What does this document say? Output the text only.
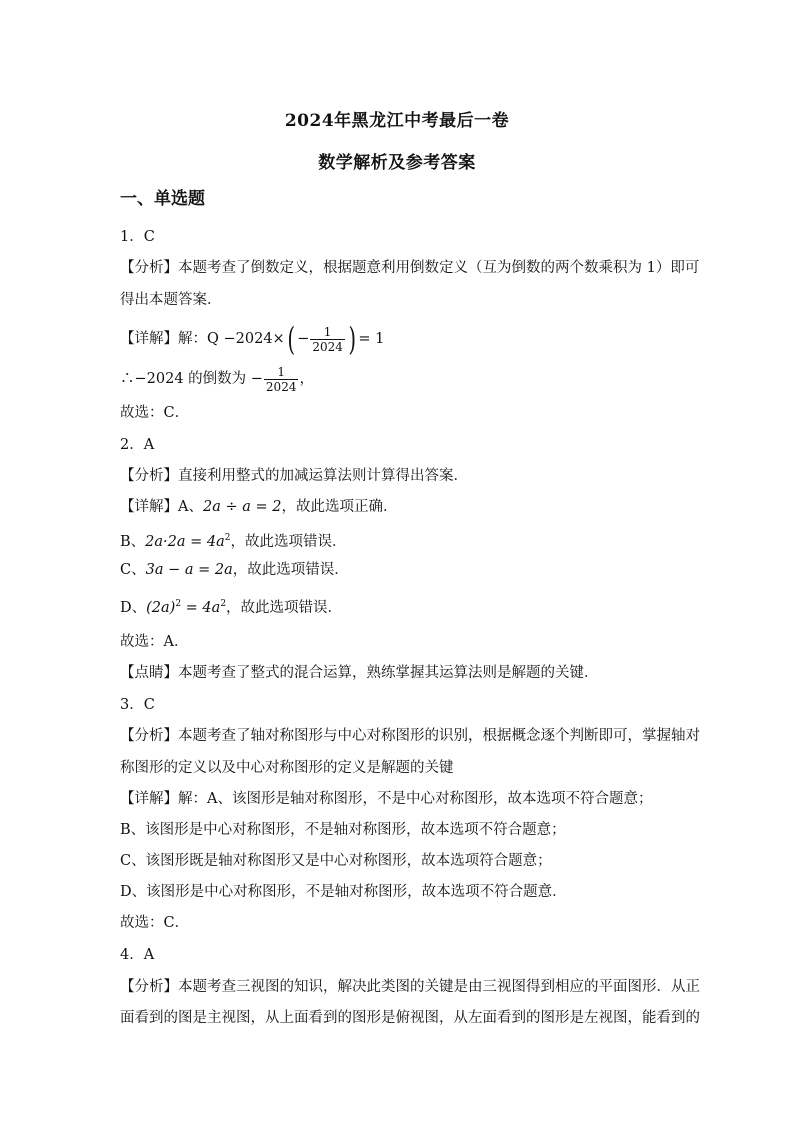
2024年黑龙江中考最后一卷
数学解析及参考答案
一、单选题
1．C
【分析】本题考查了倒数定义，根据题意利用倒数定义（互为倒数的两个数乘积为 1）即可
得出本题答案．
【详解】解：$Q -2024\times( - \frac{1}{2024}$ ) = 1
∴−2024 的倒数为 − $\frac{1}{2024}$ ，
故选：C．
2．A
【分析】直接利用整式的加减运算法则计算得出答案．
【详解】A、2a ÷ a = 2，故此选项正确．
B、$2a\cdot 2a = 4a^2$，故此选项错误．
C、3a − a = 2a，故此选项错误．
D、$(2a)^2 = 4a^2$，故此选项错误．
故选：A．
【点睛】本题考查了整式的混合运算，熟练掌握其运算法则是解题的关键．
3．C
【分析】本题考查了轴对称图形与中心对称图形的识别，根据概念逐个判断即可，掌握轴对
称图形的定义以及中心对称图形的定义是解题的关键
【详解】解：A、该图形是轴对称图形，不是中心对称图形，故本选项不符合题意；
B、该图形是中心对称图形，不是轴对称图形，故本选项不符合题意；
C、该图形既是轴对称图形又是中心对称图形，故本选项符合题意；
D、该图形是中心对称图形，不是轴对称图形，故本选项不符合题意．
故选：C．
4．A
【分析】本题考查三视图的知识，解决此类图的关键是由三视图得到相应的平面图形．从正
面看到的图是主视图，从上面看到的图形是俯视图，从左面看到的图形是左视图，能看到的
